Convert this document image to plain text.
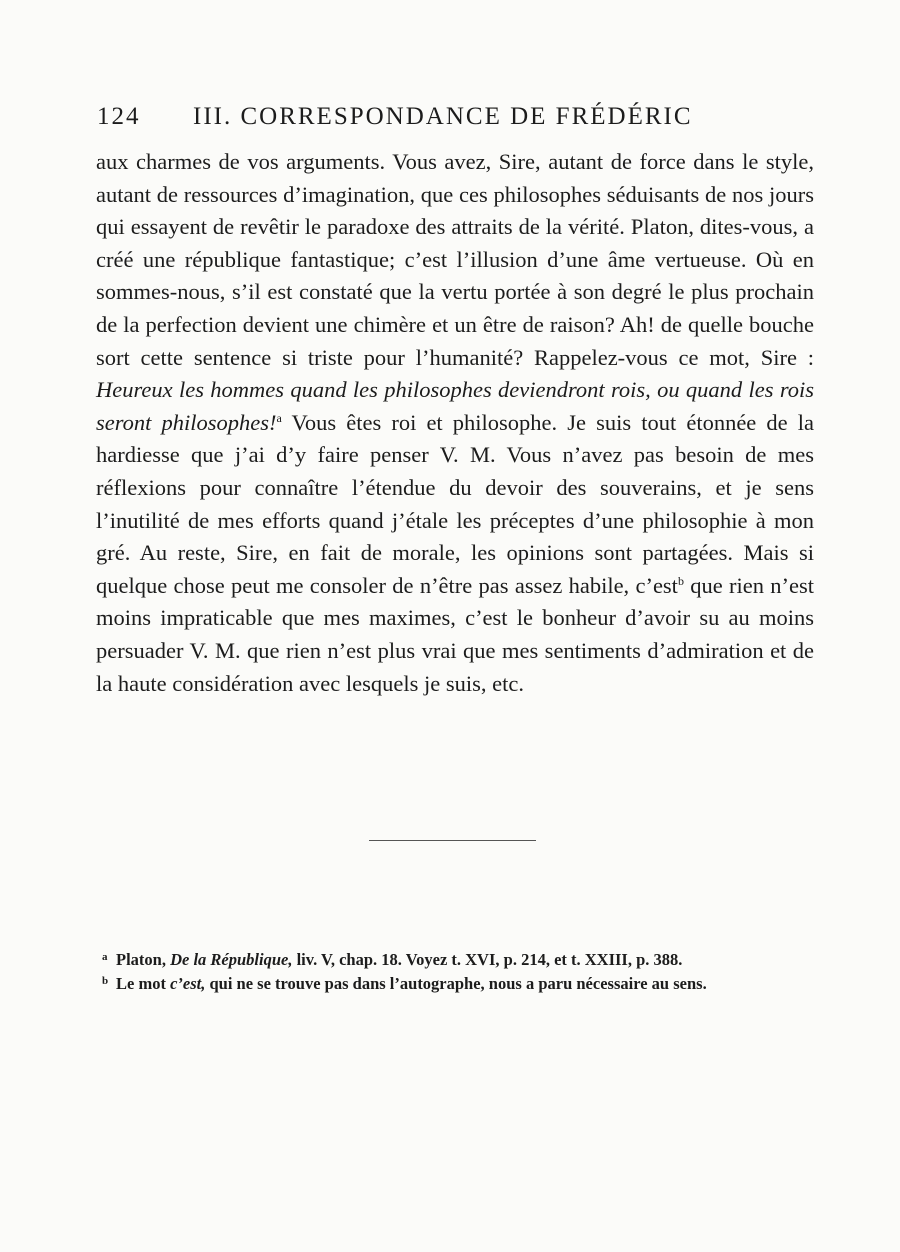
124 III. CORRESPONDANCE DE FRÉDÉRIC

aux charmes de vos arguments. Vous avez, Sire, autant de force dans le style, autant de ressources d’imagination, que ces philosophes séduisants de nos jours qui essayent de revêtir le paradoxe des attraits de la vérité. Platon, dites-vous, a créé une république fantastique; c’est l’illusion d’une âme vertueuse. Où en sommes-nous, s’il est constaté que la vertu portée à son degré le plus prochain de la perfection devient une chimère et un être de raison? Ah! de quelle bouche sort cette sentence si triste pour l’humanité? Rappelez-vous ce mot, Sire : Heureux les hommes quand les philosophes deviendront rois, ou quand les rois seront philosophes!$^a$ Vous êtes roi et philosophe. Je suis tout étonnée de la hardiesse que j’ai d’y faire penser V. M. Vous n’avez pas besoin de mes réflexions pour connaître l’étendue du devoir des souverains, et je sens l’inutilité de mes efforts quand j’étale les préceptes d’une philosophie à mon gré. Au reste, Sire, en fait de morale, les opinions sont partagées. Mais si quelque chose peut me consoler de n’être pas assez habile, c’est$^b$ que rien n’est moins impraticable que mes maximes, c’est le bonheur d’avoir su au moins persuader V. M. que rien n’est plus vrai que mes sentiments d’admiration et de la haute considération avec lesquels je suis, etc.

a Platon, De la République, liv. V, chap. 18. Voyez t. XVI, p. 214, et t. XXIII, p. 388.

b Le mot c’est, qui ne se trouve pas dans l’autographe, nous a paru nécessaire au sens.
